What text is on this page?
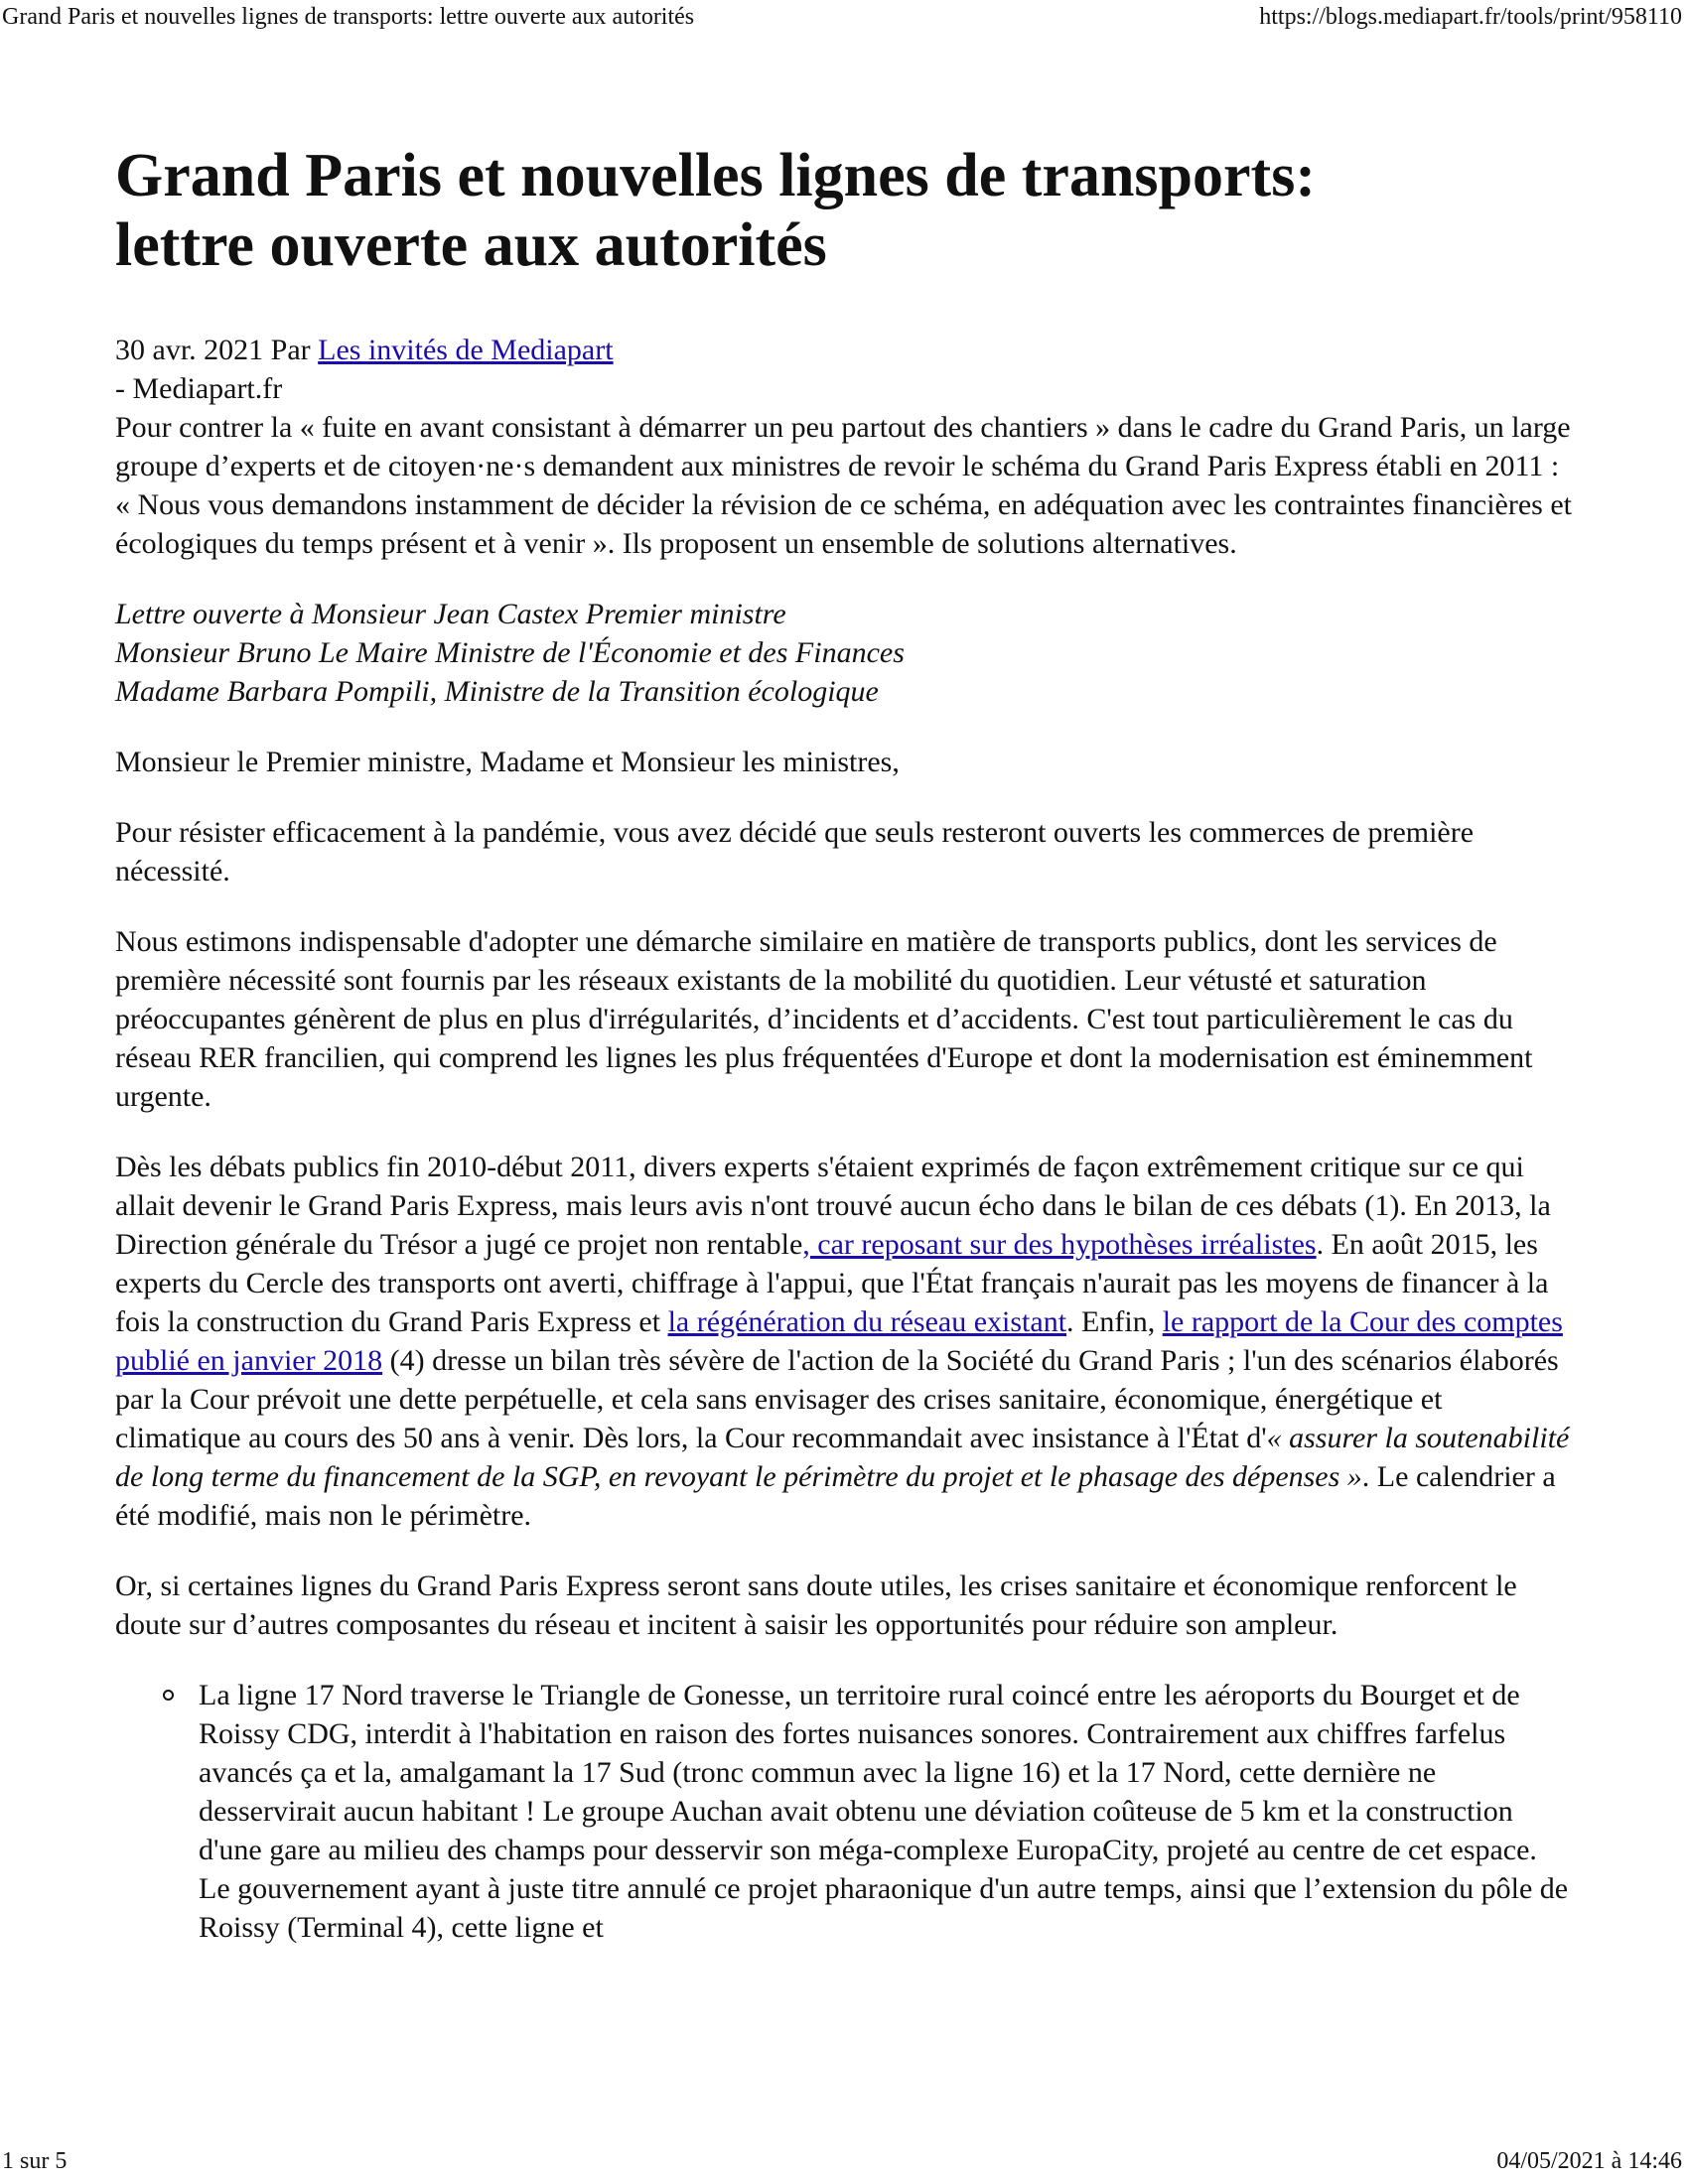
Grand Paris et nouvelles lignes de transports: lettre ouverte aux autorités	https://blogs.mediapart.fr/tools/print/958110
Grand Paris et nouvelles lignes de transports:
lettre ouverte aux autorités
30 avr. 2021 Par Les invités de Mediapart
- Mediapart.fr
Pour contrer la « fuite en avant consistant à démarrer un peu partout des chantiers » dans le cadre du Grand Paris, un large groupe d’experts et de citoyen·ne·s demandent aux ministres de revoir le schéma du Grand Paris Express établi en 2011 : « Nous vous demandons instamment de décider la révision de ce schéma, en adéquation avec les contraintes financières et écologiques du temps présent et à venir ». Ils proposent un ensemble de solutions alternatives.
Lettre ouverte à Monsieur Jean Castex Premier ministre
Monsieur Bruno Le Maire Ministre de l'Économie et des Finances
Madame Barbara Pompili, Ministre de la Transition écologique

Monsieur le Premier ministre, Madame et Monsieur les ministres,

Pour résister efficacement à la pandémie, vous avez décidé que seuls resteront ouverts les commerces de première nécessité.

Nous estimons indispensable d'adopter une démarche similaire en matière de transports publics, dont les services de première nécessité sont fournis par les réseaux existants de la mobilité du quotidien. Leur vétusté et saturation préoccupantes génèrent de plus en plus d'irrégularités, d’incidents et d’accidents. C'est tout particulièrement le cas du réseau RER francilien, qui comprend les lignes les plus fréquentées d'Europe et dont la modernisation est éminemment urgente.

Dès les débats publics fin 2010-début 2011, divers experts s'étaient exprimés de façon extrêmement critique sur ce qui allait devenir le Grand Paris Express, mais leurs avis n'ont trouvé aucun écho dans le bilan de ces débats (1). En 2013, la Direction générale du Trésor a jugé ce projet non rentable, car reposant sur des hypothèses irréalistes. En août 2015, les experts du Cercle des transports ont averti, chiffrage à l'appui, que l'État français n'aurait pas les moyens de financer à la fois la construction du Grand Paris Express et la régénération du réseau existant. Enfin, le rapport de la Cour des comptes publié en janvier 2018 (4) dresse un bilan très sévère de l'action de la Société du Grand Paris ; l'un des scénarios élaborés par la Cour prévoit une dette perpétuelle, et cela sans envisager des crises sanitaire, économique, énergétique et climatique au cours des 50 ans à venir. Dès lors, la Cour recommandait avec insistance à l'État d'« assurer la soutenabilité de long terme du financement de la SGP, en revoyant le périmètre du projet et le phasage des dépenses ». Le calendrier a été modifié, mais non le périmètre.

Or, si certaines lignes du Grand Paris Express seront sans doute utiles, les crises sanitaire et économique renforcent le doute sur d’autres composantes du réseau et incitent à saisir les opportunités pour réduire son ampleur.

La ligne 17 Nord traverse le Triangle de Gonesse, un territoire rural coincé entre les aéroports du Bourget et de Roissy CDG, interdit à l'habitation en raison des fortes nuisances sonores. Contrairement aux chiffres farfelus avancés ça et la, amalgamant la 17 Sud (tronc commun avec la ligne 16) et la 17 Nord, cette dernière ne desservirait aucun habitant ! Le groupe Auchan avait obtenu une déviation coûteuse de 5 km et la construction d'une gare au milieu des champs pour desservir son méga-complexe EuropaCity, projeté au centre de cet espace. Le gouvernement ayant à juste titre annulé ce projet pharaonique d'un autre temps, ainsi que l’extension du pôle de Roissy (Terminal 4), cette ligne et
1 sur 5	04/05/2021 à 14:46
